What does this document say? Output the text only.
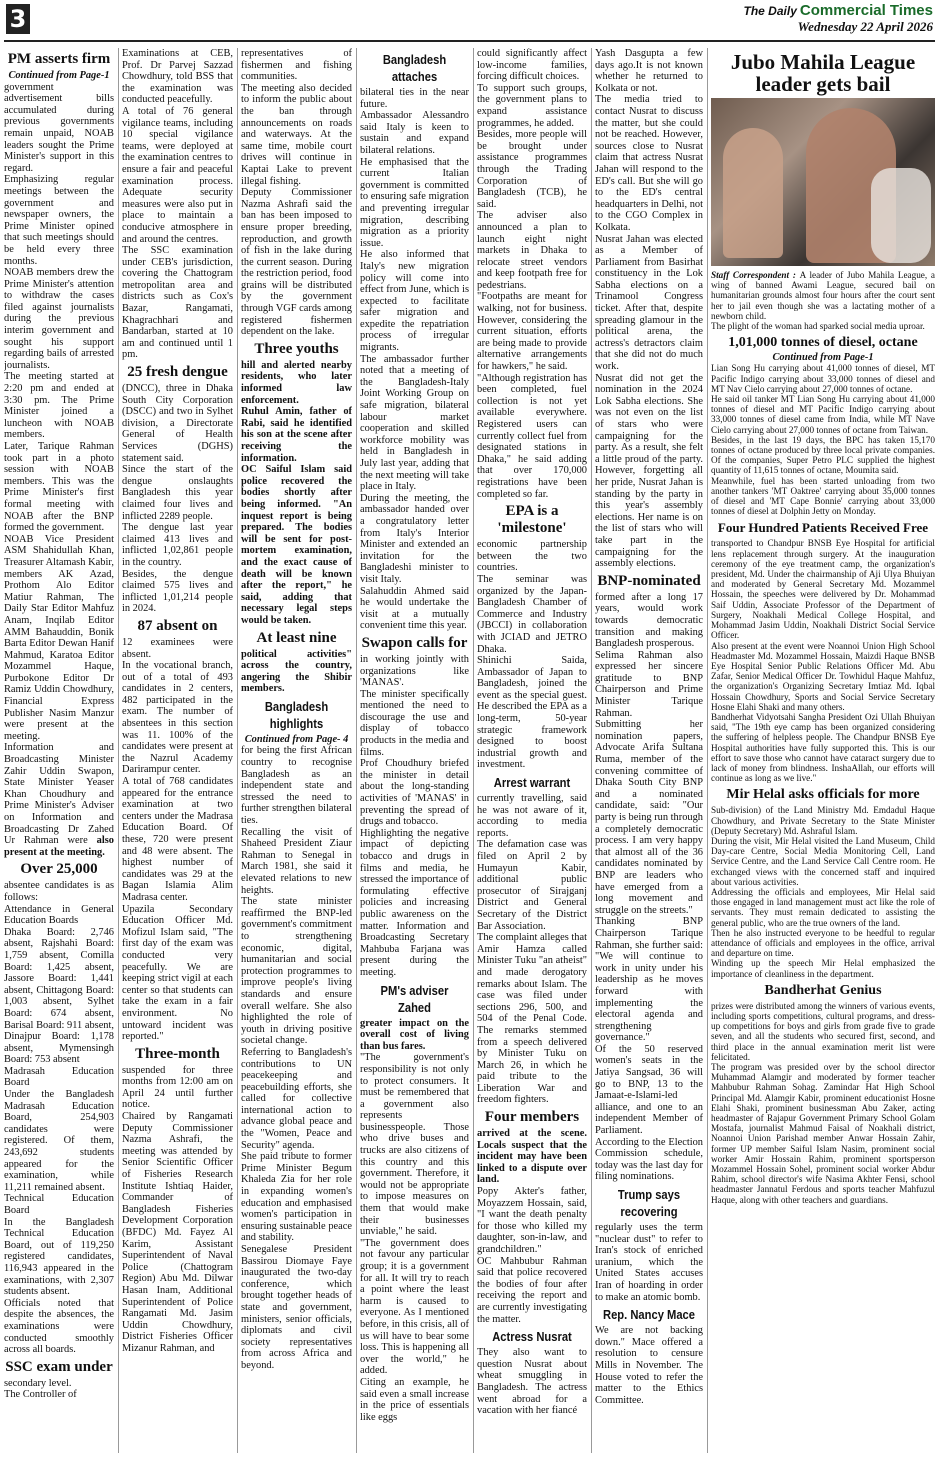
3	The Daily Commercial Times
Wednesday 22 April 2026
PM asserts firm

Continued from Page-1

government advertisement bills accumulated during previous governments remain unpaid, NOAB leaders sought the Prime Minister's support in this regard.

Emphasizing regular meetings between the government and newspaper owners, the Prime Minister opined that such meetings should be held every three months.

NOAB members drew the Prime Minister's attention to withdraw the cases filed against journalists during the previous interim government and sought his support regarding bails of arrested journalists.

The meeting started at 2:20 pm and ended at 3:30 pm. The Prime Minister joined a luncheon with NOAB members.

Later, Tarique Rahman took part in a photo session with NOAB members. This was the Prime Minister's first formal meeting with NOAB after the BNP formed the government.

NOAB Vice President ASM Shahidullah Khan, Treasurer Altamash Kabir, members AK Azad, Prothom Alo Editor Matiur Rahman, The Daily Star Editor Mahfuz Anam, Inqilab Editor AMM Bahauddin, Bonik Barta Editor Dewan Hanif Mahmud, Karatoa Editor Mozammel Haque, Purbokone Editor Dr Ramiz Uddin Chowdhury, Financial Express Publisher Nasim Manzur were present at the meeting.

Information and Broadcasting Minister Zahir Uddin Swapon, State Minister Yeaser Khan Choudhury and Prime Minister's Adviser on Information and Broadcasting Dr Zahed Ur Rahman were also present at the meeting.

Over 25,000

absentee candidates is as follows:

Attendance in General Education Boards

Dhaka Board: 2,746 absent, Rajshahi Board: 1,759 absent, Comilla Board: 1,425 absent, Jassore Board: 1,441 absent, Chittagong Board: 1,003 absent, Sylhet Board: 674 absent, Barisal Board: 911 absent, Dinajpur Board: 1,178 absent, Mymensingh Board: 753 absent

Madrasah Education Board

Under the Bangladesh Madrasah Education Board, 254,903 candidates were registered. Of them, 243,692 students appeared for the examination, while 11,211 remained absent.

Technical Education Board

In the Bangladesh Technical Education Board, out of 119,250 registered candidates, 116,943 appeared in the examinations, with 2,307 students absent.

Officials noted that despite the absences, the examinations were conducted smoothly across all boards.

SSC exam under

secondary level.

The Controller of

Examinations at CEB, Prof. Dr Parvej Sazzad Chowdhury, told BSS that the examination was conducted peacefully.

A total of 76 general vigilance teams, including 10 special vigilance teams, were deployed at the examination centres to ensure a fair and peaceful examination process. Adequate security measures were also put in place to maintain a conducive atmosphere in and around the centres.

The SSC examination under CEB's jurisdiction, covering the Chattogram metropolitan area and districts such as Cox's Bazar, Rangamati, Khagrachhari and Bandarban, started at 10 am and continued until 1 pm.

25 fresh dengue

(DNCC), three in Dhaka South City Corporation (DSCC) and two in Sylhet division, a Directorate General of Health Services (DGHS) statement said.

Since the start of the dengue onslaughts Bangladesh this year claimed four lives and inflicted 2289 people.

The dengue last year claimed 413 lives and inflicted 1,02,861 people in the country.

Besides, the dengue claimed 575 lives and inflicted 1,01,214 people in 2024.

87 absent on

12 examinees were absent.

In the vocational branch, out of a total of 493 candidates in 2 centers, 482 participated in the exam. The number of absentees in this section was 11. 100% of the candidates were present at the Nazrul Academy Darirampur center.

A total of 768 candidates appeared for the entrance examination at two centers under the Madrasa Education Board. Of these, 720 were present and 48 were absent. The highest number of candidates was 29 at the Bagan Islamia Alim Madrasa center.

Upazila Secondary Education Officer Md. Mofizul Islam said, "The first day of the exam was conducted very peacefully. We are keeping strict vigil at each center so that students can take the exam in a fair environment. No untoward incident was reported."

Three-month

suspended for three months from 12:00 am on April 24 until further notice.

Chaired by Rangamati Deputy Commissioner Nazma Ashrafi, the meeting was attended by Senior Scientific Officer of Fisheries Research Institute Ishtiaq Haider, Commander of Bangladesh Fisheries Development Corporation (BFDC) Md. Fayez Al Karim, Assistant Superintendent of Naval Police (Chattogram Region) Abu Md. Dilwar Hasan Inam, Additional Superintendent of Police Rangamati Md. Jasim Uddin Chowdhury, District Fisheries Officer Mizanur Rahman, and

representatives of fishermen and fishing communities.

The meeting also decided to inform the public about the ban through announcements on roads and waterways. At the same time, mobile court drives will continue in Kaptai Lake to prevent illegal fishing.

Deputy Commissioner Nazma Ashrafi said the ban has been imposed to ensure proper breeding, reproduction, and growth of fish in the lake during the current season. During the restriction period, food grains will be distributed by the government through VGF cards among registered fishermen dependent on the lake.

Three youths

hill and alerted nearby residents, who later informed law enforcement.

Ruhul Amin, father of Rabi, said he identified his son at the scene after receiving the information.

OC Saiful Islam said police recovered the bodies shortly after being informed. "An inquest report is being prepared. The bodies will be sent for post-mortem examination, and the exact cause of death will be known after the report," he said, adding that necessary legal steps would be taken.

At least nine

political activities" across the country, angering the Shibir members.

Bangladesh highlights

Continued from Page- 4

for being the first African country to recognise Bangladesh as an independent state and stressed the need to further strengthen bilateral ties.

Recalling the visit of Shaheed President Ziaur Rahman to Senegal in March 1981, she said it elevated relations to new heights.

The state minister reaffirmed the BNP-led government's commitment to strengthening economic, digital, humanitarian and social protection programmes to improve people's living standards and ensure overall welfare. She also highlighted the role of youth in driving positive societal change.

Referring to Bangladesh's contributions to UN peacekeeping and peacebuilding efforts, she called for collective international action to advance global peace and the "Women, Peace and Security" agenda.

She paid tribute to former Prime Minister Begum Khaleda Zia for her role in expanding women's education and emphasised women's participation in ensuring sustainable peace and stability.

Senegalese President Bassirou Diomaye Faye inaugurated the two-day conference, which brought together heads of state and government, ministers, senior officials, diplomats and civil society representatives from across Africa and beyond.

Bangladesh attaches

bilateral ties in the near future.

Ambassador Alessandro said Italy is keen to sustain and expand bilateral relations.

He emphasised that the current Italian government is committed to ensuring safe migration and preventing irregular migration, describing migration as a priority issue.

He also informed that Italy's new migration policy will come into effect from June, which is expected to facilitate safer migration and expedite the repatriation process of irregular migrants.

The ambassador further noted that a meeting of the Bangladesh-Italy Joint Working Group on safe migration, bilateral labour market cooperation and skilled workforce mobility was held in Bangladesh in July last year, adding that the next meeting will take place in Italy.

During the meeting, the ambassador handed over a congratulatory letter from Italy's Interior Minister and extended an invitation for the Bangladeshi minister to visit Italy.

Salahuddin Ahmed said he would undertake the visit at a mutually convenient time this year.

Swapon calls for

in working jointly with organizations like 'MANAS'.

The minister specifically mentioned the need to discourage the use and display of tobacco products in the media and films.

Prof Choudhury briefed the minister in detail about the long-standing activities of 'MANAS' in preventing the spread of drugs and tobacco.

Highlighting the negative impact of depicting tobacco and drugs in films and media, he stressed the importance of formulating effective policies and increasing public awareness on the matter. Information and Broadcasting Secretary Mahbuba Farjana was present during the meeting.

PM's adviser Zahed

greater impact on the overall cost of living than bus fares.

"The government's responsibility is not only to protect consumers. It must be remembered that a government also represents businesspeople. Those who drive buses and trucks are also citizens of this country and this government. Therefore, it would not be appropriate to impose measures on them that would make their businesses unviable," he said.

"The government does not favour any particular group; it is a government for all. It will try to reach a point where the least harm is caused to everyone. As I mentioned before, in this crisis, all of us will have to bear some loss. This is happening all over the world," he added.

Citing an example, he said even a small increase in the price of essentials like eggs

could significantly affect low-income families, forcing difficult choices.

To support such groups, the government plans to expand assistance programmes, he added.

Besides, more people will be brought under assistance programmes through the Trading Corporation of Bangladesh (TCB), he said.

The adviser also announced a plan to launch eight night markets in Dhaka to relocate street vendors and keep footpath free for pedestrians.

"Footpaths are meant for walking, not for business. However, considering the current situation, efforts are being made to provide alternative arrangements for hawkers," he said.

"Although registration has been completed, fuel collection is not yet available everywhere. Registered users can currently collect fuel from designated stations in Dhaka," he said adding that over 170,000 registrations have been completed so far.

EPA is a 'milestone'

economic partnership between the two countries.

The seminar was organized by the Japan-Bangladesh Chamber of Commerce and Industry (JBCCI) in collaboration with JCIAD and JETRO Dhaka.

Shinichi Saida, Ambassador of Japan to Bangladesh, joined the event as the special guest. He described the EPA as a long-term, 50-year strategic framework designed to boost industrial growth and investment.

Arrest warrant

currently travelling, said he was not aware of it, according to media reports.

The defamation case was filed on April 2 by Humayun Kabir, additional public prosecutor of Sirajganj District and General Secretary of the District Bar Association.

The complaint alleges that Amir Hamza called Minister Tuku "an atheist" and made derogatory remarks about Islam. The case was filed under sections 296, 500, and 504 of the Penal Code. The remarks stemmed from a speech delivered by Minister Tuku on March 26, in which he paid tribute to the Liberation War and freedom fighters.

Four members

arrived at the scene. Locals suspect that the incident may have been linked to a dispute over land.

Popy Akter's father, Moyazzem Hossain, said, "I want the death penalty for those who killed my daughter, son-in-law, and grandchildren."

OC Mahbubur Rahman said that police recovered the bodies of four after receiving the report and are currently investigating the matter.

Actress Nusrat

They also want to question Nusrat about wheat smuggling in Bangladesh. The actress went abroad for a vacation with her fiancé

Yash Dasgupta a few days ago.It is not known whether he returned to Kolkata or not.

The media tried to contact Nusrat to discuss the matter, but she could not be reached. However, sources close to Nusrat claim that actress Nusrat Jahan will respond to the ED's call. But she will go to the ED's central headquarters in Delhi, not to the CGO Complex in Kolkata.

Nusrat Jahan was elected as a Member of Parliament from Basirhat constituency in the Lok Sabha elections on a Trinamool Congress ticket. After that, despite spreading glamour in the political arena, the actress's detractors claim that she did not do much work.

Nusrat did not get the nomination in the 2024 Lok Sabha elections. She was not even on the list of stars who were campaigning for the party. As a result, she felt a little proud of the party. However, forgetting all her pride, Nusrat Jahan is standing by the party in this year's assembly elections. Her name is on the list of stars who will take part in the campaigning for the assembly elections.

BNP-nominated

formed after a long 17 years, would work towards democratic transition and making Bangladesh prosperous.

Selima Rahman also expressed her sincere gratitude to BNP Chairperson and Prime Minister Tarique Rahman.

Submitting her nomination papers, Advocate Arifa Sultana Ruma, member of the convening committee of Dhaka South City BNP and a nominated candidate, said: "Our party is being run through a completely democratic process. I am very happy that almost all of the 36 candidates nominated by BNP are leaders who have emerged from a long movement and struggle on the streets."

Thanking BNP Chairperson Tarique Rahman, she further said: "We will continue to work in unity under his leadership as he moves forward with implementing the electoral agenda and strengthening governance."

Of the 50 reserved women's seats in the Jatiya Sangsad, 36 will go to BNP, 13 to the Jamaat-e-Islami-led alliance, and one to an independent Member of Parliament.

According to the Election Commission schedule, today was the last day for filing nominations.

Trump says recovering

regularly uses the term "nuclear dust" to refer to Iran's stock of enriched uranium, which the United States accuses Iran of hoarding in order to make an atomic bomb.

Rep. Nancy Mace

We are not backing down." Mace offered a resolution to censure Mills in November. The House voted to refer the matter to the Ethics Committee.

Jubo Mahila League leader gets bail

Staff Correspondent : A leader of Jubo Mahila League, a wing of banned Awami League, secured bail on humanitarian grounds almost four hours after the court sent her to jail even though she was a lactating mother of a newborn child.

The plight of the woman had sparked social media uproar.

1,01,000 tonnes of diesel, octane

Continued from Page-1

Lian Song Hu carrying about 41,000 tonnes of diesel, MT Pacific Indigo carrying about 33,000 tonnes of diesel and MT Nav Cielo carrying about 27,000 tonnes of octane.

He said oil tanker MT Lian Song Hu carrying about 41,000 tonnes of diesel and MT Pacific Indigo carrying about 33,000 tonnes of diesel came from India, while MT Nave Cielo carrying about 27,000 tonnes of octane from Taiwan.

Besides, in the last 19 days, the BPC has taken 15,170 tonnes of octane produced by three local private companies. Of the companies, Super Petro PLC supplied the highest quantity of 11,615 tonnes of octane, Moumita said.

Meanwhile, fuel has been started unloading from two another tankers 'MT Oaktree' carrying about 35,000 tonnes of diesel and 'MT Cape Bonnie' carrying about 33,000 tonnes of diesel at Dolphin Jetty on Monday.

Four Hundred Patients Received Free

transported to Chandpur BNSB Eye Hospital for artificial lens replacement through surgery. At the inauguration ceremony of the eye treatment camp, the organization's president, Md. Under the chairmanship of Aji Ulya Bhuiyan and moderated by General Secretary Md. Mozammel Hossain, the speeches were delivered by Dr. Mohammad Saif Uddin, Associate Professor of the Department of Surgery, Noakhali Medical College Hospital, and Mohammad Jasim Uddin, Noakhali District Social Service Officer.

Also present at the event were Noannoi Union High School Headmaster Md. Mozammel Hossain, Maizdi Haque BNSB Eye Hospital Senior Public Relations Officer Md. Abu Zafar, Senior Medical Officer Dr. Towhidul Haque Mahfuz, the organization's Organizing Secretary Imtiaz Md. Iqbal Hossain Chowdhury, Sports and Social Service Secretary Hosne Elahi Shaki and many others.

Bandherhat Vidyotsahi Sangha President Ozi Ullah Bhuiyan said, "The 19th eye camp has been organized considering the suffering of helpless people. The Chandpur BNSB Eye Hospital authorities have fully supported this. This is our effort to save those who cannot have cataract surgery due to lack of money from blindness. InshaAllah, our efforts will continue as long as we live."

Mir Helal asks officials for more

Sub-division) of the Land Ministry Md. Emdadul Haque Chowdhury, and Private Secretary to the State Minister (Deputy Secretary) Md. Ashraful Islam.

During the visit, Mir Helal visited the Land Museum, Child Day-care Centre, Social Media Monitoring Cell, Land Service Centre, and the Land Service Call Centre room. He exchanged views with the concerned staff and inquired about various activities.

Addressing the officials and employees, Mir Helal said those engaged in land management must act like the role of servants. They must remain dedicated to assisting the general public, who are the true owners of the land.

Then he also instructed everyone to be heedful to regular attendance of officials and employees in the office, arrival and departure on time.

Winding up the speech Mir Helal emphasized the importance of cleanliness in the department.

Bandherhat Genius

prizes were distributed among the winners of various events, including sports competitions, cultural programs, and dress-up competitions for boys and girls from grade five to grade seven, and all the students who secured first, second, and third place in the annual examination merit list were felicitated.

The program was presided over by the school director Muhammad Alamgir and moderated by former teacher Mahbubur Rahman Sohag. Zamindar Hat High School Principal Md. Alamgir Kabir, prominent educationist Hosne Elahi Shaki, prominent businessman Abu Zaker, acting headmaster of Rajapur Government Primary School Golam Mostafa, journalist Mahmud Faisal of Noakhali district, Noannoi Union Parishad member Anwar Hossain Zahir, former UP member Saiful Islam Nasim, prominent social worker Amir Hossain Rahim, prominent sportsperson Mozammel Hossain Sohel, prominent social worker Abdur Rahim, school director's wife Nasima Akhter Fensi, school headmaster Jannatul Ferdous and sports teacher Mahfuzul Haque, along with other teachers and guardians.
